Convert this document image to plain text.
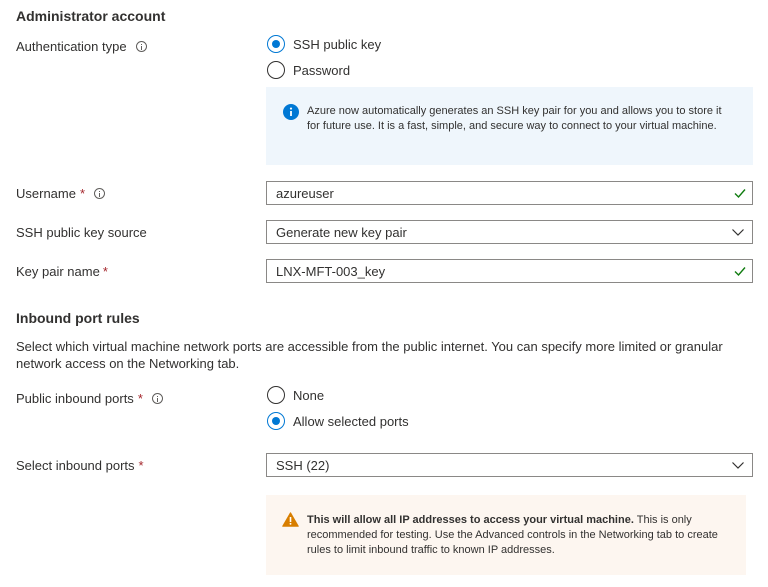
Administrator account
Authentication type	SSH public key
Password
Azure now automatically generates an SSH key pair for you and allows you to store it for future use. It is a fast, simple, and secure way to connect to your virtual machine.
Username *	azureuser
SSH public key source	Generate new key pair
Key pair name *	LNX-MFT-003_key
Inbound port rules
Select which virtual machine network ports are accessible from the public internet. You can specify more limited or granular network access on the Networking tab.
Public inbound ports *	None
Allow selected ports
Select inbound ports *	SSH (22)
This will allow all IP addresses to access your virtual machine. This is only recommended for testing. Use the Advanced controls in the Networking tab to create rules to limit inbound traffic to known IP addresses.
